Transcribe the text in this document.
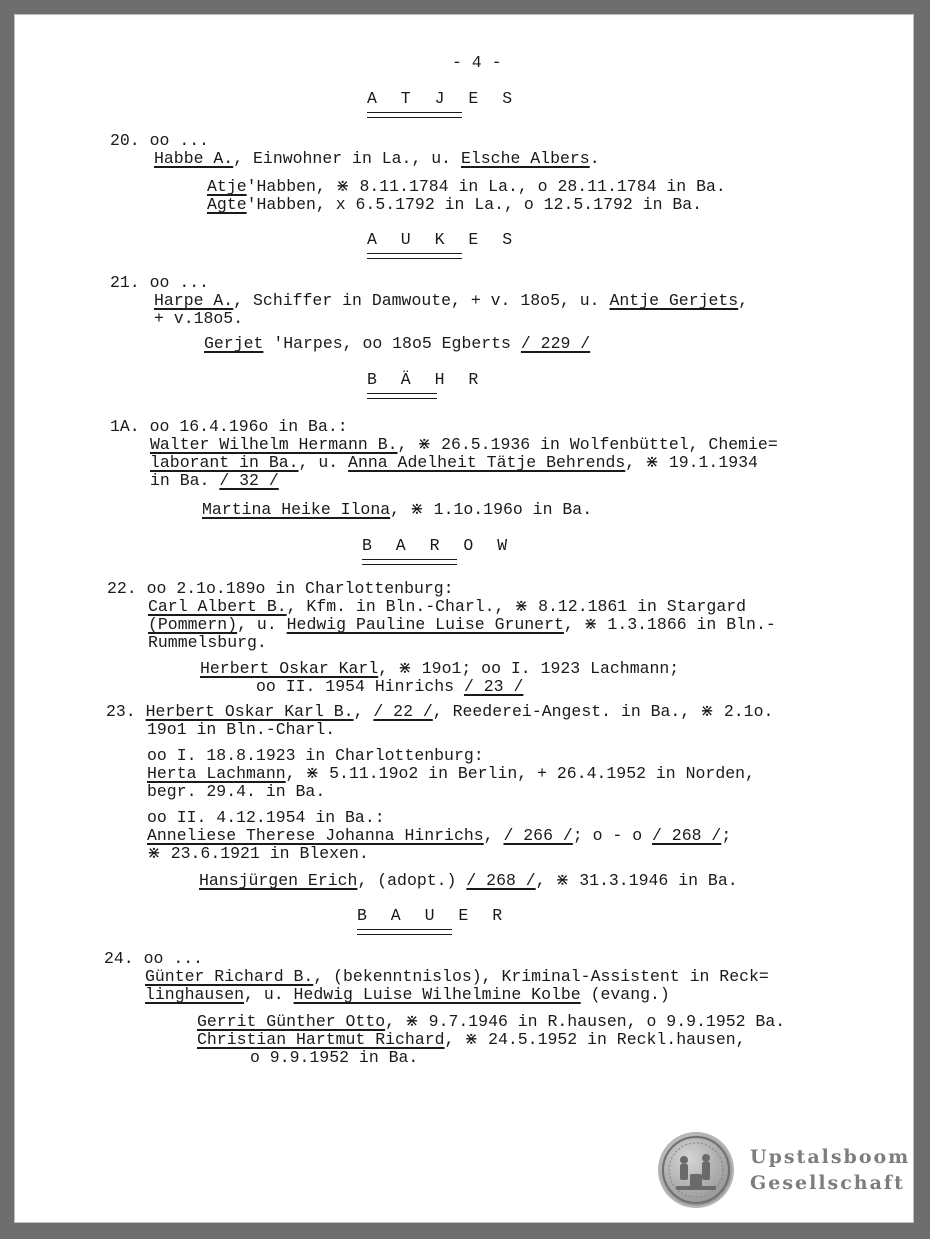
- 4 -
A T J E S
20. oo ...
Habbe A., Einwohner in La., u. Elsche Albers.
Atje'Habben, ⋇ 8.11.1784 in La., o 28.11.1784 in Ba.
Agte'Habben, x 6.5.1792 in La., o 12.5.1792 in Ba.
A U K E S
21. oo ...
Harpe A., Schiffer in Damwoute, + v. 18o5, u. Antje Gerjets,
+ v.18o5.
Gerjet 'Harpes, oo 18o5 Egberts / 229 /
B Ä H R
1A. oo 16.4.196o in Ba.:
Walter Wilhelm Hermann B., ⋇ 26.5.1936 in Wolfenbüttel, Chemie=
laborant in Ba., u. Anna Adelheit Tätje Behrends, ⋇ 19.1.1934
in Ba. / 32 /
Martina Heike Ilona, ⋇ 1.1o.196o in Ba.
B A R O W
22. oo 2.1o.189o in Charlottenburg:
Carl Albert B., Kfm. in Bln.-Charl., ⋇ 8.12.1861 in Stargard
(Pommern), u. Hedwig Pauline Luise Grunert, ⋇ 1.3.1866 in Bln.-
Rummelsburg.
Herbert Oskar Karl, ⋇ 19o1; oo I. 1923 Lachmann;
oo II. 1954 Hinrichs / 23 /
23. Herbert Oskar Karl B., / 22 /, Reederei-Angest. in Ba., ⋇ 2.1o.
19o1 in Bln.-Charl.
oo I. 18.8.1923 in Charlottenburg:
Herta Lachmann, ⋇ 5.11.19o2 in Berlin, + 26.4.1952 in Norden,
begr. 29.4. in Ba.
oo II. 4.12.1954 in Ba.:
Anneliese Therese Johanna Hinrichs, / 266 /; o - o / 268 /;
⋇ 23.6.1921 in Blexen.
Hansjürgen Erich, (adopt.) / 268 /, ⋇ 31.3.1946 in Ba.
B A U E R
24. oo ...
Günter Richard B., (bekenntnislos), Kriminal-Assistent in Reck=
linghausen, u. Hedwig Luise Wilhelmine Kolbe (evang.)
Gerrit Günther Otto, ⋇ 9.7.1946 in R.hausen, o 9.9.1952 Ba.
Christian Hartmut Richard, ⋇ 24.5.1952 in Reckl.hausen,
o 9.9.1952 in Ba.
Upstalsboom
Gesellschaft
